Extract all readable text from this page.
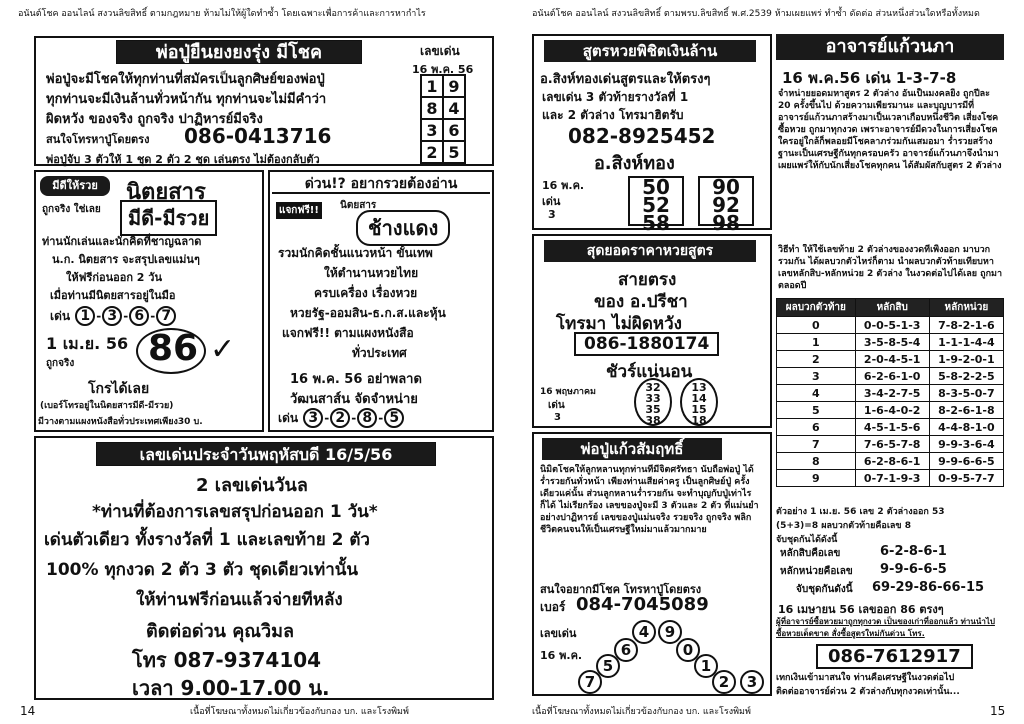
อนันต์โชค ออนไลน์ สงวนลิขสิทธิ์ ตามกฎหมาย ห้ามไม่ให้ผู้ใดทำซ้ำ โดยเฉพาะเพื่อการค้าและการหากำไร
พ่อปู่ยืนยงยงรุ่ง มีโชค	เลขเด่น
16 พ.ค. 56
พ่อปู่จะมีโชคให้ทุกท่านที่สมัครเป็นลูกศิษย์ของพ่อปู่
ทุกท่านจะมีเงินล้านทั่วหน้ากัน ทุกท่านจะไม่มีคำว่า
ผิดหวัง ของจริง ถูกจริง ปาฏิหารย์มีจริง
สนใจโทรหาปู่โดยตรง 086-0413716
พ่อปู่จับ 3 ตัวให้ 1 ชุด 2 ตัว 2 ชุด เล่นตรง ไม่ต้องกลับตัว
1	9
8	4
3	6
2	5
มีดีให้รวย	นิตยสาร
ถูกจริง ใช่เลย	มีดี-มีรวย
ท่านนักเล่นและนักคิดที่ชาญฉลาด
น.ก. นิตยสาร จะสรุปเลขแม่นๆ
ให้ฟรีก่อนออก 2 วัน
เมื่อท่านมีนิตยสารอยู่ในมือ
เด่น 1 - 3 - 6 - 7
1 เม.ย. 56
ถูกจริง 86 ✓
โกรได้เลย
(เบอร์โทรอยู่ในนิตยสารมีดี-มีรวย)
มีวางตามแผงหนังสือทั่วประเทศเพียง30 บ.
ด่วน!? อยากรวยต้องอ่าน
แจกฟรี!!	นิตยสาร
ช้างแดง
รวมนักคิดชั้นแนวหน้า ขั้นเทพ
ให้ตำนานหวยไทย
ครบเครื่อง เรื่องหวย
หวยรัฐ-ออมสิน-ธ.ก.ส.และหุ้น
แจกฟรี!! ตามแผงหนังสือ
ทั่วประเทศ
16 พ.ค. 56 อย่าพลาด
วัฒนสาส์น จัดจำหน่าย
เด่น 3 - 2 - 8 - 5
เลขเด่นประจำวันพฤหัสบดี 16/5/56
2 เลขเด่นวันล
*ท่านที่ต้องการเลขสรุปก่อนออก 1 วัน*
เด่นตัวเดียว ทั้งรางวัลที่ 1 และเลขท้าย 2 ตัว
100% ทุกงวด 2 ตัว 3 ตัว ชุดเดียวเท่านั้น
ให้ท่านฟรีก่อนแล้วจ่ายทีหลัง
ติดต่อด่วน คุณวิมล
โทร 087-9374104
เวลา 9.00-17.00 น.
14	เนื้อที่โฆษณาทั้งหมดไม่เกี่ยวข้องกับกอง บก. และโรงพิมพ์
อนันต์โชค ออนไลน์ สงวนลิขสิทธิ์ ตามพรบ.ลิขสิทธิ์ พ.ศ.2539 ห้ามเผยแพร่ ทำซ้ำ ดัดต่อ ส่วนหนึ่งส่วนใดหรือทั้งหมด
สูตรหวยพิชิตเงินล้าน
อ.สิงห์ทองเด่นสูตรและให้ตรงๆ
เลขเด่น 3 ตัวท้ายรางวัลที่ 1
และ 2 ตัวล่าง โทรมาฮิตรับ
082-8925452
อ.สิงห์ทอง
16 พ.ค.
เด่น
3
50
52
58
90
92
98
สุดยอดราคาหวยสูตร
สายตรง
ของ อ.ปรีชา
โทรมา ไม่ผิดหวัง
086-1880174
ชัวร์แน่นอน
16 พฤษภาคม
เด่น
3
32
33
35
38
13
14
15
18
พ่อปู่แก้วสัมฤทธิ์
นิมิตโชคให้ลูกหลานทุกท่านที่มีจิตศรัทธา นับถือพ่อปู่ ได้ร่ำรวยกันทั่วหน้า เพียงท่านเสียค่าครู เป็นลูกศิษย์ปู่ ครั้งเดียวแค่นั้น ส่วนลูกหลานร่ำรวยกัน จะทำบุญกับปู่เท่าไรก็ได้ ไม่เรียกร้อง เลขของปู่จะมี 3 ตัวและ 2 ตัว ที่แม่นยำอย่างปาฏิหารย์ เลขของปู่แม่นจริง รวยจริง ถูกจริง พลิกชีวิตคนจนให้เป็นเศรษฐีใหม่มาแล้วมากมาย
สนใจอยากมีโชค โทรหาปู่โดยตรง
เบอร์ 084-7045089
เลขเด่น
16 พ.ค.
4	9
6	0
5	1
7	2	3
อาจารย์แก้วนภา
16 พ.ค.56 เด่น 1-3-7-8
จำหน่ายยอดมหาสูตร 2 ตัวล่าง อันเป็นมงคลยิ่ง ถูกปีละ 20 ครั้งขึ้นไป ด้วยความเพียรมานะ และบุญบารมีที่อาจารย์แก้วนภาสร้างมาเป็นเวลาเกือบหนึ่งชีวิต เสี่ยงโชคซื้อหวย ถูกมาทุกงวด เพราะอาจารย์มีดวงในการเสี่ยงโชค ใครอยู่ใกล้ก็พลอยมีโชคลาภร่วมกันเสมอมา ร่ำรวยสร้างฐานะเป็นเศรษฐีกันทุกครอบครัว อาจารย์แก้วนภาจึงนำมาเผยแพร่ให้กับนักเสี่ยงโชคทุกคน ได้สัมผัสกับสูตร 2 ตัวล่าง
วิธีทำ ให้ใช้เลขท้าย 2 ตัวล่างของงวดที่เพิ่งออก มาบวกรวมกัน ได้ผลบวกตัวไหร่ก็ตาม นำผลบวกตัวท้ายเทียบหาเลขหลักสิบ-หลักหน่วย 2 ตัวล่าง ในงวดต่อไปได้เลย ถูกมาตลอดปี
ผลบวกตัวท้าย	หลักสิบ	หลักหน่วย
0	0-0-5-1-3	7-8-2-1-6
1	3-5-8-5-4	1-1-1-4-4
2	2-0-4-5-1	1-9-2-0-1
3	6-2-6-1-0	5-8-2-2-5
4	3-4-2-7-5	8-3-5-0-7
5	1-6-4-0-2	8-2-6-1-8
6	4-5-1-5-6	4-4-8-1-0
7	7-6-5-7-8	9-9-3-6-4
8	6-2-8-6-1	9-9-6-6-5
9	0-7-1-9-3	0-9-5-7-7
ตัวอย่าง 1 เม.ย. 56 เลข 2 ตัวล่างออก 53
(5+3)=8 ผลบวกตัวท้ายคือเลข 8
จับชุดกันได้ดังนี้
หลักสิบคือเลข	6-2-8-6-1
หลักหน่วยคือเลข 9-9-6-6-5
จับชุดกันดังนี้ 69-29-86-66-15
16 เมษายน 56 เลขออก 86 ตรงๆ
ผู้ที่อาจารย์ซื้อหวยมาถูกทุกงวด เป็นของเก่าที่ออกแล้ว ท่านนำไปซื้อหวยเด็ดขาด สั่งซื้อสูตรใหม่กันด่วน โทร.
086-7612917
เทกเงินเข้ามาสนใจ ท่านคือเศรษฐีในงวดต่อไป
ติดต่ออาจารย์ด่วน 2 ตัวล่างกับทุกงวดเท่านั้น...
เนื้อที่โฆษณาทั้งหมดไม่เกี่ยวข้องกับกอง บก. และโรงพิมพ์	15
